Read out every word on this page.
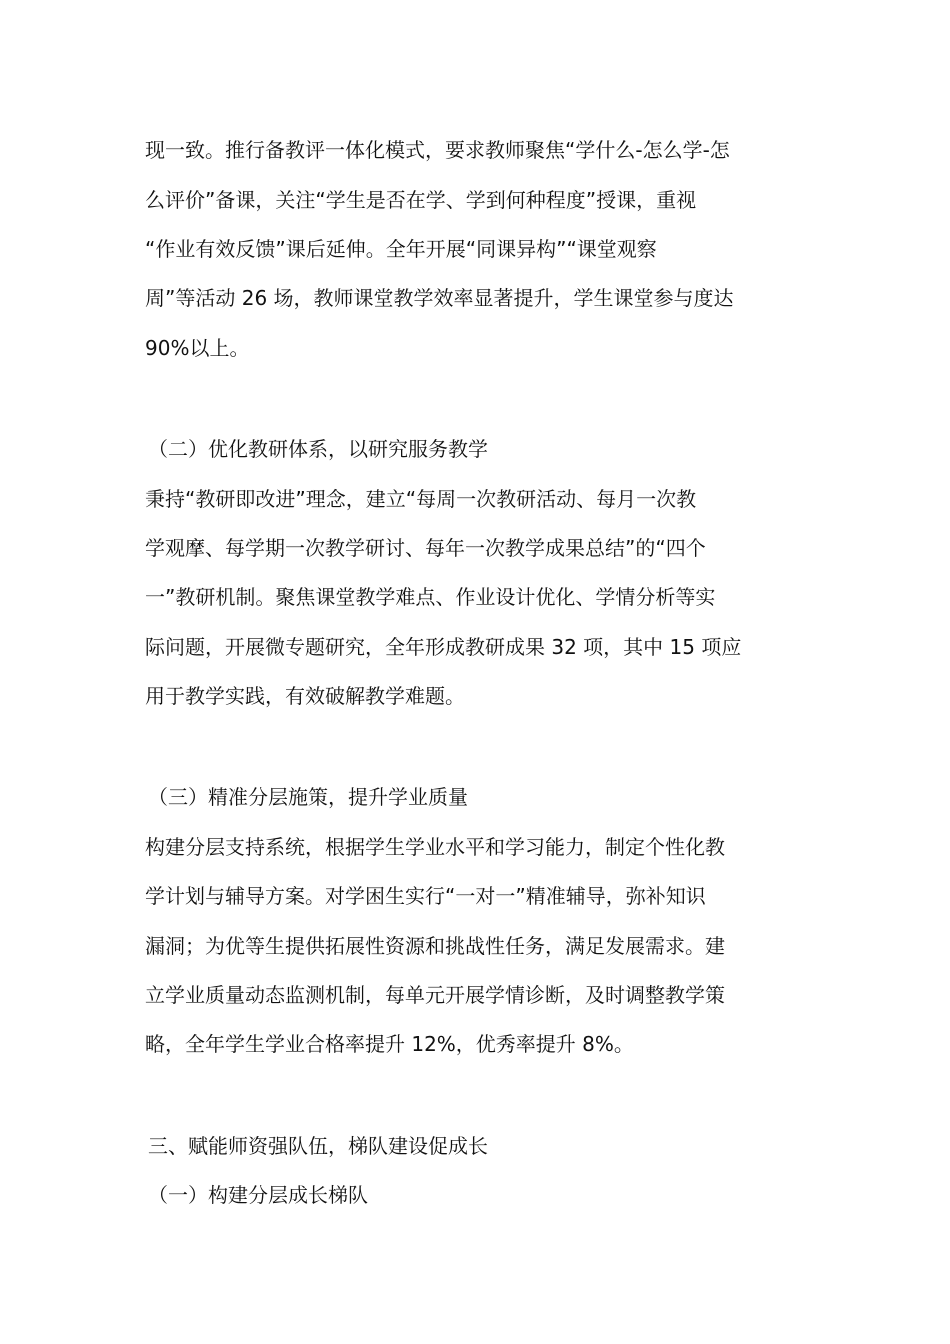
现一致。推行备教评一体化模式，要求教师聚焦“学什么-怎么学-怎
么评价”备课，关注“学生是否在学、学到何种程度”授课，重视
“作业有效反馈”课后延伸。全年开展“同课异构”“课堂观察
周”等活动 26 场，教师课堂教学效率显著提升，学生课堂参与度达
90%以上。
（二）优化教研体系，以研究服务教学
秉持“教研即改进”理念，建立“每周一次教研活动、每月一次教
学观摩、每学期一次教学研讨、每年一次教学成果总结”的“四个
一”教研机制。聚焦课堂教学难点、作业设计优化、学情分析等实
际问题，开展微专题研究，全年形成教研成果 32 项，其中 15 项应
用于教学实践，有效破解教学难题。
（三）精准分层施策，提升学业质量
构建分层支持系统，根据学生学业水平和学习能力，制定个性化教
学计划与辅导方案。对学困生实行“一对一”精准辅导，弥补知识
漏洞；为优等生提供拓展性资源和挑战性任务，满足发展需求。建
立学业质量动态监测机制，每单元开展学情诊断，及时调整教学策
略，全年学生学业合格率提升 12%，优秀率提升 8%。
三、赋能师资强队伍，梯队建设促成长
（一）构建分层成长梯队
